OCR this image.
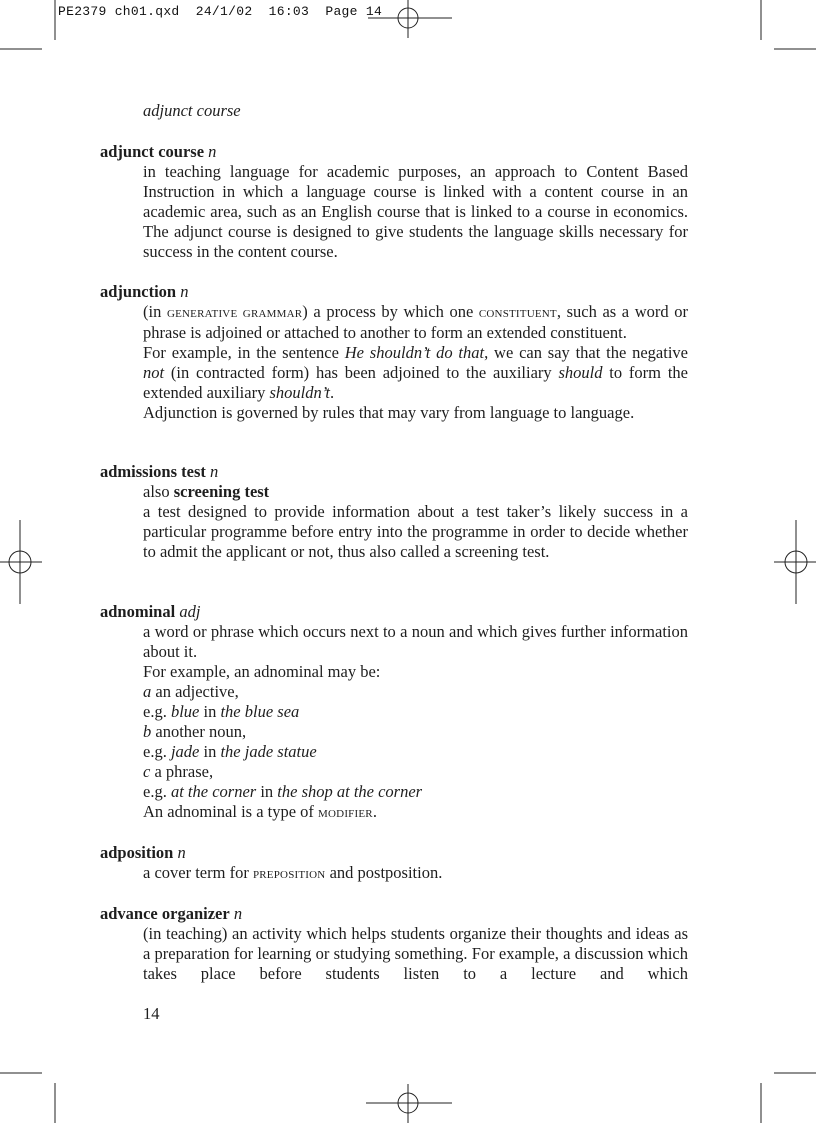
PE2379 ch01.qxd  24/1/02  16:03  Page 14
adjunct course
adjunct course n

in teaching language for academic purposes, an approach to Content Based Instruction in which a language course is linked with a content course in an academic area, such as an English course that is linked to a course in economics. The adjunct course is designed to give students the language skills necessary for success in the content course.

adjunction n

(in generative grammar) a process by which one constituent, such as a word or phrase is adjoined or attached to another to form an extended constituent.

For example, in the sentence He shouldn’t do that, we can say that the negative not (in contracted form) has been adjoined to the auxiliary should to form the extended auxiliary shouldn’t.

Adjunction is governed by rules that may vary from language to language.

admissions test n

also screening test

a test designed to provide information about a test taker’s likely success in a particular programme before entry into the programme in order to decide whether to admit the applicant or not, thus also called a screening test.

adnominal adj

a word or phrase which occurs next to a noun and which gives further information about it.

For example, an adnominal may be:

a an adjective,

e.g. blue in the blue sea

b another noun,

e.g. jade in the jade statue

c a phrase,

e.g. at the corner in the shop at the corner

An adnominal is a type of modifier.

adposition n

a cover term for preposition and postposition.

advance organizer n

(in teaching) an activity which helps students organize their thoughts and ideas as a preparation for learning or studying something. For example, a discussion which takes place before students listen to a lecture and which

14
